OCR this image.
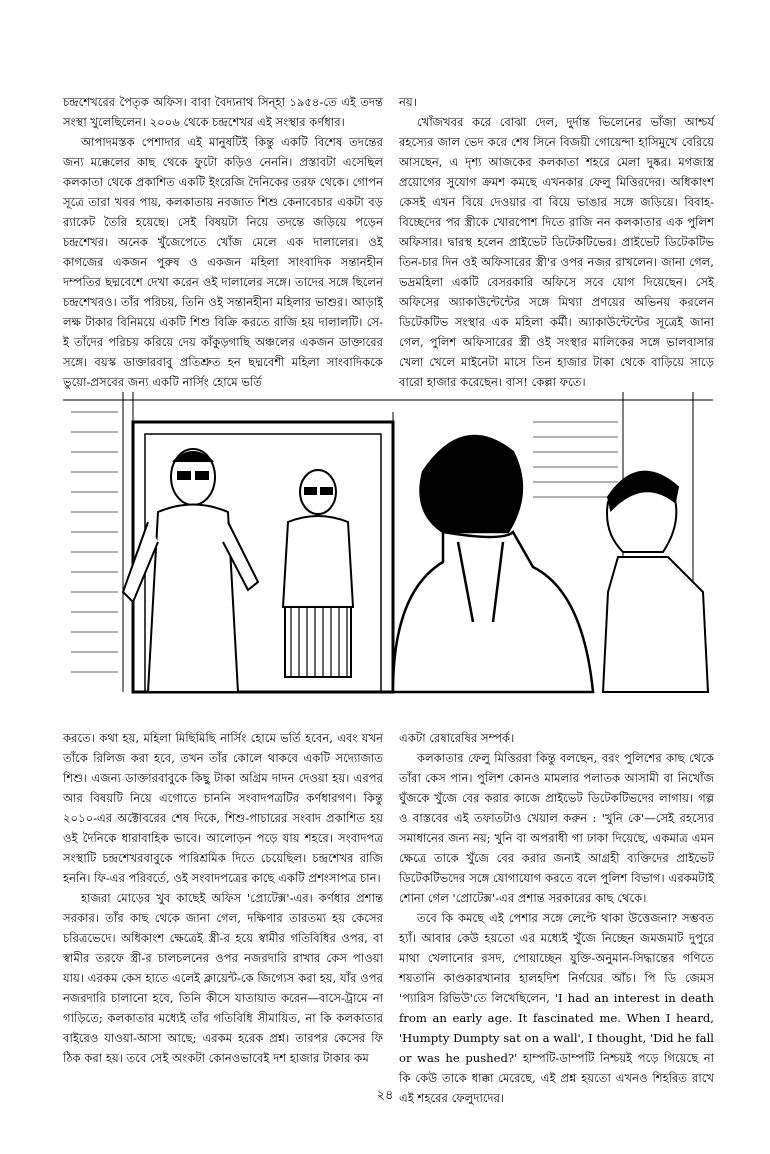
চন্দ্রশেখরের পৈতৃক অফিস। বাবা বৈদ্যনাথ সিন্‌হা ১৯৫৪-তে এই তদন্ত সংস্থা খুলেছিলেন। ২০০৬ থেকে চন্দ্রশেখর এই সংস্থার কর্ণধার।

আপাদমস্তক পেশাদার এই মানুষটিই কিন্তু একটি বিশেষ তদন্তের জন্য মক্কেলের কাছ থেকে ফুটো কড়িও নেননি। প্রস্তাবটা এসেছিল কলকাতা থেকে প্রকাশিত একটি ইংরেজি দৈনিকের তরফ থেকে। গোপন সূত্রে তারা খবর পায়, কলকাতায় নবজাত শিশু কেনাবেচার একটা বড় র‍্যাকেট তৈরি হয়েছে। সেই বিষয়টা নিয়ে তদন্তে জড়িয়ে পড়েন চন্দ্রশেখর। অনেক খুঁজেপেতে খোঁজ মেলে এক দালালের। ওই কাগজের একজন পুরুষ ও একজন মহিলা সাংবাদিক সন্তানহীন দম্পতির ছদ্মবেশে দেখা করেন ওই দালালের সঙ্গে। তাদের সঙ্গে ছিলেন চন্দ্রশেখরও। তাঁর পরিচয়, তিনি ওই সন্তানহীনা মহিলার ভাশুর। আড়াই লক্ষ টাকার বিনিময়ে একটি শিশু বিক্রি করতে রাজি হয় দালালটি। সে-ই তাঁদের পরিচয় করিয়ে দেয় কাঁকুড়গাছি অঞ্চলের একজন ডাক্তারের সঙ্গে। বয়স্ক ডাক্তারবাবু প্রতিশ্রুত হন ছদ্মবেশী মহিলা সাংবাদিককে ভুয়ো-প্রসবের জন্য একটি নার্সিং হোমে ভর্তি

নয়।

খোঁজখবর করে বোঝা দেল, দুর্দান্ত ভিলেনের ভাঁজা আশ্চর্য রহস্যের জাল ভেদ করে শেষ সিনে বিজয়ী গোয়েন্দা হাসিমুখে বেরিয়ে আসছেন, এ দৃশ্য আজকের কলকাতা শহরে মেলা দুষ্কর। মগজাস্ত্র প্রয়োগের সুযোগ ক্রমশ কমছে এখনকার ফেলু মিত্তিরদের। অধিকাংশ কেসই এখন বিয়ে দেওয়ার বা বিয়ে ভাঙার সঙ্গে জড়িয়ে। বিবাহ-বিচ্ছেদের পর স্ত্রীকে খোরপোশ দিতে রাজি নন কলকাতার এক পুলিশ অফিসার। দ্বারস্থ হলেন প্রাইভেট ডিটেকটিভের। প্রাইভেট ডিটেকটিভ তিন-চার দিন ওই অফিসারের স্ত্রী'র ওপর নজর রাখলেন। জানা গেল, ভদ্রমহিলা একটি বেসরকারি অফিসে সবে যোগ দিয়েছেন। সেই অফিসের অ্যাকাউন্টেন্টের সঙ্গে মিথ্যা প্রণয়ের অভিনয় করলেন ডিটেকটিভ সংস্থার এক মহিলা কর্মী। অ্যাকাউন্টেন্টের সূত্রেই জানা গেল, পুলিশ অফিসারের স্ত্রী ওই সংস্থার মালিকের সঙ্গে ভালবাসার খেলা খেলে মাইনেটা মাসে তিন হাজার টাকা থেকে বাড়িয়ে সাড়ে বারো হাজার করেছেন। বাস! কেল্লা ফতে।

করতে। কথা হয়, মহিলা মিছিমিছি নার্সিং হোমে ভর্তি হবেন, এবং যখন তাঁকে রিলিজ করা হবে, তখন তাঁর কোলে থাকবে একটি সদ্যোজাত শিশু। এজন্য ডাক্তারবাবুকে কিছু টাকা অগ্রিম দাদন দেওয়া হয়। এরপর আর বিষয়টি নিয়ে এগোতে চাননি সংবাদপত্রটির কর্ণধারগণ। কিন্তু ২০১০-এর অক্টোবরের শেষ দিকে, শিশু-পাচারের সংবাদ প্রকাশিত হয় ওই দৈনিকে ধারাবাহিক ভাবে। আলোড়ন পড়ে যায় শহরে। সংবাদপত্র সংস্থাটি চন্দ্রশেখরবাবুকে পারিশ্রমিক দিতে চেয়েছিল। চন্দ্রশেখর রাজি হননি। ফি-এর পরিবর্তে, ওই সংবাদপত্রের কাছে একটি প্রশংসাপত্র চান।

হাজরা মোড়ের খুব কাছেই অফিস 'প্রোটেক্স'-এর। কর্ণধার প্রশান্ত সরকার। তাঁর কাছ থেকে জানা গেল, দক্ষিণার তারতম্য হয় কেসের চরিত্রভেদে। অধিকাংশ ক্ষেত্রেই স্ত্রী-র হয়ে স্বামীর গতিবিধির ওপর, বা স্বামীর তরফে স্ত্রী-র চালচলনের ওপর নজরদারি রাখার কেস পাওয়া যায়। এরকম কেস হাতে এলেই ক্লায়েন্ট-কে জিগ্যেস করা হয়, যাঁর ওপর নজরদারি চালানো হবে, তিনি কীসে যাতায়াত করেন—বাসে-ট্রামে না গাড়িতে; কলকাতার মধ্যেই তাঁর গতিবিধি সীমায়িত, না কি কলকাতার বাইরেও যাওয়া-আসা আছে; এরকম হরেক প্রশ্ন। তারপর কেসের ফি ঠিক করা হয়। তবে সেই অংকটা কোনওভাবেই দশ হাজার টাকার কম

একটা রেষারেষির সম্পর্ক।

কলকাতার ফেলু মিত্তিররা কিন্তু বলছেন, বরং পুলিশের কাছ থেকে তাঁরা কেস পান। পুলিশ কোনও মামলার পলাতক আসামী বা নিখোঁজ ঘুঁজকে খুঁজে বের করার কাজে প্রাইভেট ডিটেকটিভদের লাগায়। গল্প ও বাস্তবের এই তফাতটাও খেয়াল করুন : 'খুনি কে'—সেই রহস্যের সমাধানের জন্য নয়; খুনি বা অপরাধী গা ঢাকা দিয়েছে, একমাত্র এমন ক্ষেত্রে তাকে খুঁজে বের করার জন্যই আগ্রহী ব্যক্তিদের প্রাইভেট ডিটেকটিভদের সঙ্গে যোগাযোগ করতে বলে পুলিশ বিভাগ। এরকমটাই শোনা গেল 'প্রোটেক্স'-এর প্রশান্ত সরকারের কাছ থেকে।

তবে কি কমছে এই পেশার সঙ্গে লেপ্টে থাকা উত্তেজনা? সম্ভবত হ্যাঁ। আবার কেউ হয়তো এর মধ্যেই খুঁজে নিচ্ছেন জমজমাট দুপুরে মাথা খেলানোর রসদ, পোয়াচ্ছেন যুক্তি-অনুমান-সিদ্ধান্তের গণিতে শয়তানি কাণ্ডকারখানার হালহদিশ নির্ণয়ের আঁচ। পি ডি জেমস 'প্যারিস রিভিউ'তে লিখেছিলেন, 'I had an interest in death from an early age. It fascinated me. When I heard, 'Humpty Dumpty sat on a wall', I thought, 'Did he fall or was he pushed?' হাম্পটি-ডাম্পটি নিশ্চয়ই পড়ে গিয়েছে না কি কেউ তাকে ধাক্কা মেরেছে, এই প্রশ্ন হয়তো এখনও শিহরিত রাখে এই শহরের ফেলুদাদের।

২৪
